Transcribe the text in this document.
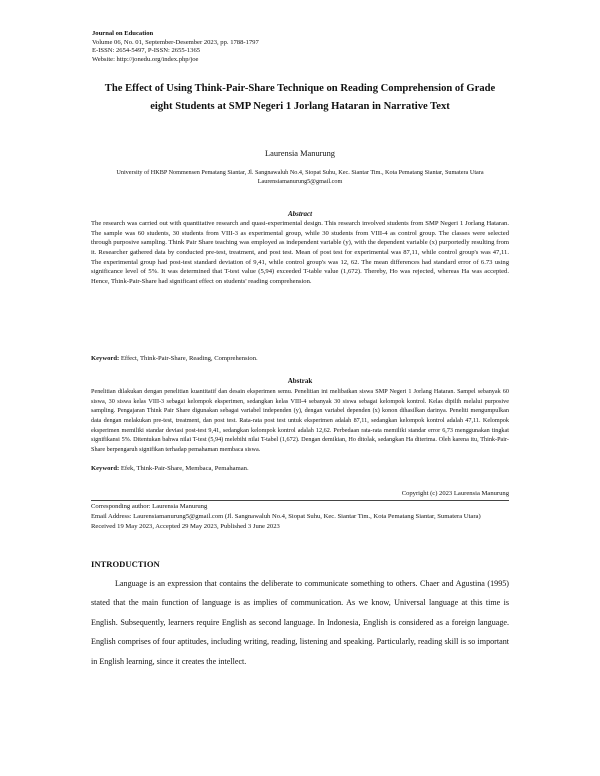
Journal on Education
Volume 06, No. 01, September-Desember 2023, pp. 1788-1797
E-ISSN: 2654-5497, P-ISSN: 2655-1365
Website: http://jonedu.org/index.php/joe
The Effect of Using Think-Pair-Share Technique on Reading Comprehension of Grade eight Students at SMP Negeri 1 Jorlang Hataran in Narrative Text
Laurensia Manurung
University of HKBP Nommensen Pematang Siantar, Jl. Sangnawaluh No.4, Siopat Suhu, Kec. Siantar Tim., Kota Pematang Siantar, Sumatera Utara
Laurensiamanurung5@gmail.com
Abstract
The research was carried out with quantitative research and quasi-experimental design. This research involved students from SMP Negeri 1 Jorlang Hataran. The sample was 60 students, 30 students from VIII-3 as experimental group, while 30 students from VIII-4 as control group. The classes were selected through purposive sampling. Think Pair Share teaching was employed as independent variable (y), with the dependent variable (x) purportedly resulting from it. Researcher gathered data by conducted pre-test, treatment, and post test. Mean of post test for experimental was 87,11, while control group's was 47,11. The experimental group had post-test standard deviation of 9,41, while control group's was 12, 62. The mean differences had standard error of 6.73 using significance level of 5%. It was determined that T-test value (5,94) exceeded T-table value (1,672). Thereby, Ho was rejected, whereas Ha was accepted. Hence, Think-Pair-Share had significant effect on students' reading comprehension.
Keyword: Effect, Think-Pair-Share, Reading, Comprehension.
Abstrak
Penelitian dilakukan dengan penelitian kuantitatif dan desain eksperimen semu. Penelitian ini melibatkan siswa SMP Negeri 1 Jorlang Hataran. Sampel sebanyak 60 siswa, 30 siswa kelas VIII-3 sebagai kelompok eksperimen, sedangkan kelas VIII-4 sebanyak 30 siswa sebagai kelompok kontrol. Kelas dipilih melalui purposive sampling. Pengajaran Think Pair Share digunakan sebagai variabel independen (y), dengan variabel dependen (x) konon dihasilkan darinya. Peneliti mengumpulkan data dengan melakukan pre-test, treatment, dan post test. Rata-rata post test untuk eksperimen adalah 87,11, sedangkan kelompok kontrol adalah 47,11. Kelompok eksperimen memiliki standar deviasi post-test 9,41, sedangkan kelompok kontrol adalah 12,62. Perbedaan rata-rata memiliki standar error 6,73 menggunakan tingkat signifikansi 5%. Ditentukan bahwa nilai T-test (5,94) melebihi nilai T-tabel (1,672). Dengan demikian, Ho ditolak, sedangkan Ha diterima. Oleh karena itu, Think-Pair-Share berpengaruh signifikan terhadap pemahaman membaca siswa.
Keyword: Efek, Think-Pair-Share, Membaca, Pemahaman.
Copyright (c) 2023 Laurensia Manurung
Corresponding author: Laurensia Manurung
Email Address: Laurensiamanurung5@gmail.com (Jl. Sangnawaluh No.4, Siopat Suhu, Kec. Siantar Tim., Kota Pematang Siantar, Sumatera Utara)
Received 19 May 2023, Accepted 29 May 2023, Published 3 June 2023
INTRODUCTION
Language is an expression that contains the deliberate to communicate something to others. Chaer and Agustina (1995) stated that the main function of language is as implies of communication. As we know, Universal language at this time is English. Subsequently, learners require English as second language. In Indonesia, English is considered as a foreign language. English comprises of four aptitudes, including writing, reading, listening and speaking. Particularly, reading skill is so important in English learning, since it creates the intellect.
